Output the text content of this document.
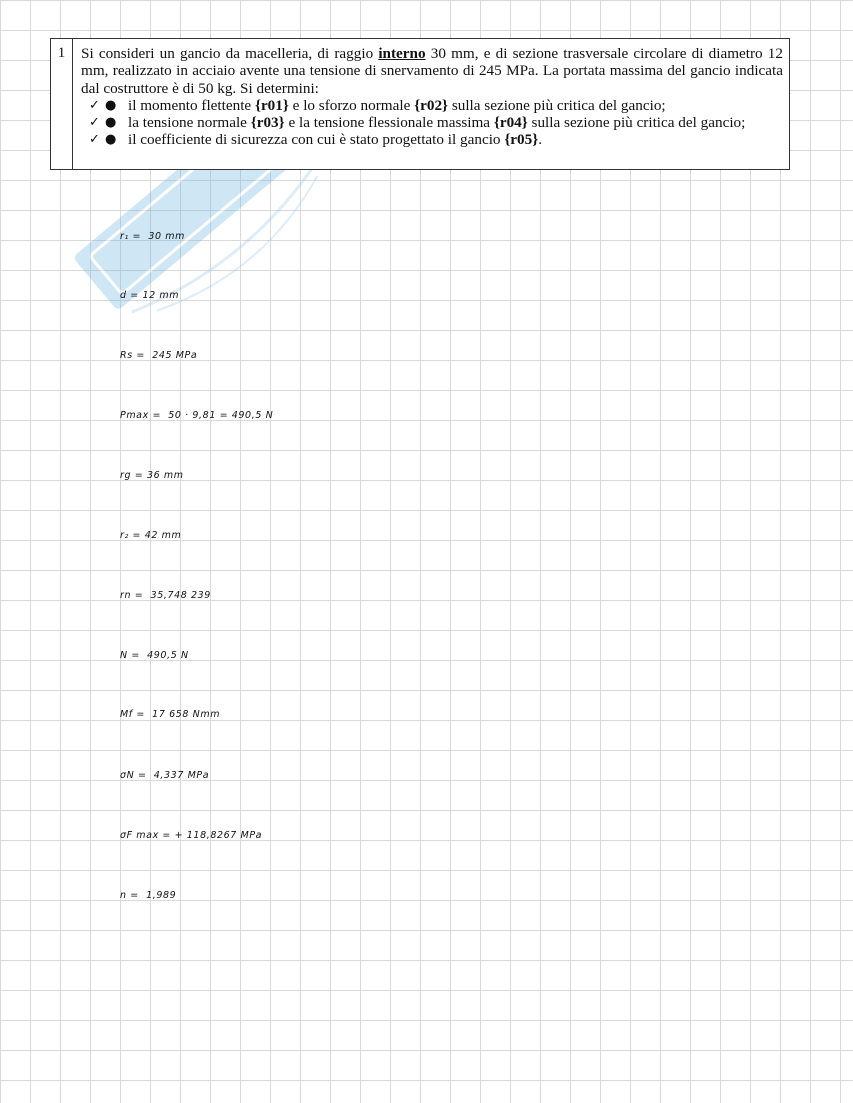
1	Si consideri un gancio da macelleria, di raggio interno 30 mm, e di sezione trasversale circolare di diametro 12 mm, realizzato in acciaio avente una tensione di snervamento di 245 MPa. La portata massima del gancio indicata dal costruttore è di 50 kg. Si determini:
✓ ● il momento flettente {r01} e lo sforzo normale {r02} sulla sezione più critica del gancio;
✓ ● la tensione normale {r03} e la tensione flessionale massima {r04} sulla sezione più critica del gancio;
✓ ● il coefficiente di sicurezza con cui è stato progettato il gancio {r05}.
r₁ = 30 mm
d = 12 mm
Rs = 245 MPa
Pmax = 50 · 9,81 = 490,5 N
rg = 36 mm
r₂ = 42 mm
rn = 35,748 239
N = 490,5 N
Mf = 17 658 Nmm
σN = 4,337 MPa
σF max = + 118,8267 MPa
n = 1,989
